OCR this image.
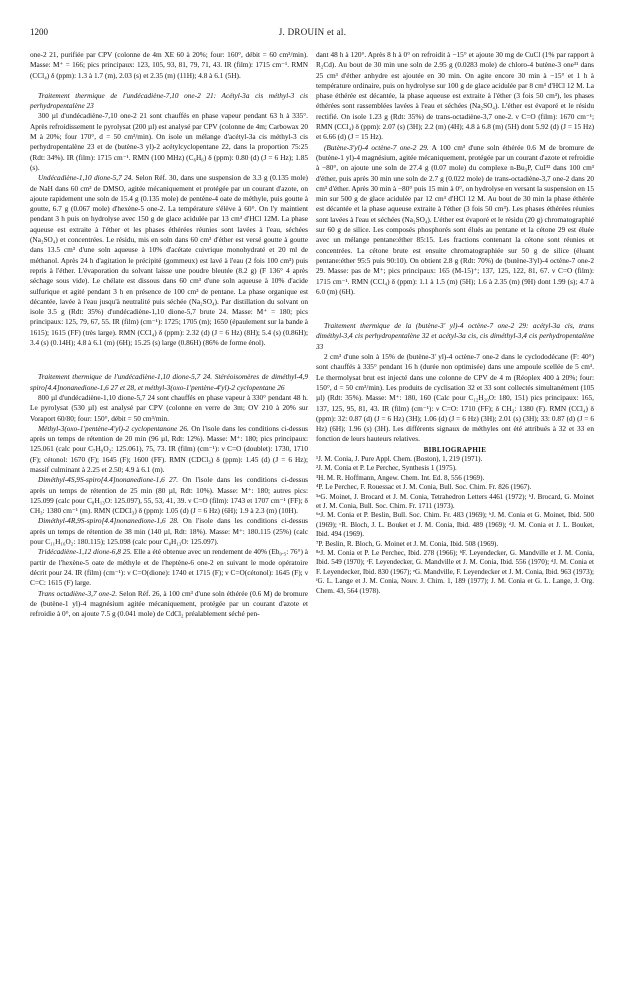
1200	J. DROUIN et al.

one-2 21, purifiée par CPV (colonne de 4m XE 60 à 20%; four: 160°, débit = 60 cm³/min). Masse: M⁺ = 166; pics principaux: 123, 105, 93, 81, 79, 71, 43. IR (film): 1715 cm⁻¹. RMN (CCl₄) δ (ppm): 1.3 à 1.7 (m), 2.03 (s) et 2.35 (m) (11H); 4.8 à 6.1 (5H).

Traitement thermique de l'undécadiène-7,10 one-2 21: Acétyl-3a cis méthyl-3 cis perhydropentalène 23

300 µl d'undécadiène-7,10 one-2 21 sont chauffés en phase vapeur pendant 63 h à 335°. Après refroidissement le pyrolysat (200 µl) est analysé par CPV (colonne de 4m; Carbowax 20 M à 20%; four 170°, d = 50 cm³/min). On isole un mélange d'acétyl-3a cis méthyl-3 cis perhydropentalène 23 et de (butène-3 yl)-2 acétylcyclopentane 22, dans la proportion 75:25 (Rdt: 34%). IR (film): 1715 cm⁻¹. RMN (100 MHz) (C₆H₆) δ (ppm): 0.80 (d) (J = 6 Hz); 1.85 (s).

Undécadiène-1,10 dione-5,7 24. Selon Réf. 30, dans une suspension de 3.3 g (0.135 mole) de NaH dans 60 cm³ de DMSO, agitée mécaniquement et protégée par un courant d'azote, on ajoute rapidement une soln de 15.4 g (0.135 mole) de pentène-4 oate de méthyle, puis goutte à goutte, 6.7 g (0.067 mole) d'hexène-5 one-2. La température s'élève à 60°. On l'y maintient pendant 3 h puis on hydrolyse avec 150 g de glace acidulée par 13 cm³ d'HCl 12M. La phase aqueuse est extraite à l'éther et les phases éthérées réunies sont lavées à l'eau, séchées (Na₂SO₄) et concentrées. Le résidu, mis en soln dans 60 cm³ d'éther est versé goutte à goutte dans 13.5 cm³ d'une soln aqueuse à 10% d'acétate cuivrique monohydraté et 20 ml de méthanol. Après 24 h d'agitation le précipité (gommeux) est lavé à l'eau (2 fois 100 cm³) puis repris à l'éther. L'évaporation du solvant laisse une poudre bleutée (8.2 g) (F 136° 4 après séchage sous vide). Le chélate est dissous dans 60 cm³ d'une soln aqueuse à 10% d'acide sulfurique et agité pendant 3 h en présence de 100 cm³ de pentane. La phase organique est décantée, lavée à l'eau jusqu'à neutralité puis séchée (Na₂SO₄). Par distillation du solvant on isole 3.5 g (Rdt: 35%) d'undécadiène-1,10 dione-5,7 brute 24. Masse: M⁺ = 180; pics principaux: 125, 79, 67, 55. IR (film) (cm⁻¹): 1725; 1705 (m); 1650 (épaulement sur la bande à 1615); 1615 (FF) (très large). RMN (CCl₄) δ (ppm): 2.32 (d) (J = 6 Hz) (8H); 5.4 (s) (0.86H); 3.4 (s) (0.14H); 4.8 à 6.1 (m) (6H); 15.25 (s) large (0.86H) (86% de forme énol).

Traitement thermique de l'undécadiène-1,10 dione-5,7 24. Stéréoisomères de diméthyl-4,9 spiro[4.4]nonanedione-1,6 27 et 28, et méthyl-3(oxo-1'pentène-4'yl)-2 cyclopentane 26

800 µl d'undécadiène-1,10 dione-5,7 24 sont chauffés en phase vapeur à 330° pendant 48 h. Le pyrolysat (530 µl) est analysé par CPV (colonne en verre de 3m; OV 210 à 20% sur Voraport 60/80; four: 150°, débit = 50 cm³/min.

Méthyl-3(oxo-1'pentène-4'yl)-2 cyclopentanone 26. On l'isole dans les conditions ci-dessus après un temps de rétention de 20 min (96 µl, Rdt: 12%). Masse: M⁺: 180; pics principaux: 125.061 (calc pour C₇H₉O₂: 125.061), 75, 73. IR (film) (cm⁻¹): ν C=O (doublet): 1730, 1710 (F); cétonol: 1670 (F); 1645 (F); 1600 (FF). RMN (CDCl₃) δ (ppm): 1.45 (d) (J = 6 Hz); massif culminant à 2.25 et 2.50; 4.9 à 6.1 (m).

Diméthyl-4S,9S-spiro[4.4]nonanedione-1,6 27. On l'isole dans les conditions ci-dessus après un temps de rétention de 25 min (80 µl, Rdt: 10%). Masse: M⁺: 180; autres pics: 125.099 (calc pour C₈H₁₃O: 125.097), 55, 53, 41, 39. ν C=O (film): 1743 et 1707 cm⁻¹ (FF); δ CH₃: 1380 cm⁻¹ (m). RMN (CDCl₃) δ (ppm): 1.05 (d) (J = 6 Hz) (6H); 1.9 à 2.3 (m) (10H).

Diméthyl-4R,9S-spiro[4.4]nonanedione-1,6 28. On l'isole dans les conditions ci-dessus après un temps de rétention de 38 min (140 µl, Rdt: 18%). Masse: M⁺: 180.115 (25%) (calc pour C₁₁H₁₆O₂: 180.115); 125.098 (calc pour C₈H₁₃O: 125.097).

Tridécadiène-1,12 dione-6,8 25. Elle a été obtenue avec un rendement de 40% (Eb₀.₅: 76°) à partir de l'hexène-5 oate de méthyle et de l'heptène-6 one-2 en suivant le mode opératoire décrit pour 24. IR (film) (cm⁻¹): ν C=O(dione): 1740 et 1715 (F); ν C=O(cétonol): 1645 (F); ν C=C: 1615 (F) large.

Trans octadiène-3,7 one-2. Selon Réf. 26, à 100 cm³ d'une soln éthérée (0.6 M) de bromure de (butène-1 yl)-4 magnésium agitée mécaniquement, protégée par un courant d'azote et refroidie à 0°, on ajoute 7.5 g (0.041 mole) de CdCl₂ préalablement séché pen-

dant 48 h à 120°. Après 8 h à 0° on refroidit à −15° et ajoute 30 mg de CuCl (1% par rapport à R₂Cd). Au bout de 30 min une soln de 2.95 g (0.0283 mole) de chloro-4 butène-3 one³¹ dans 25 cm³ d'éther anhydre est ajoutée en 30 min. On agite encore 30 min à −15° et 1 h à température ordinaire, puis on hydrolyse sur 100 g de glace acidulée par 8 cm³ d'HCl 12 M. La phase éthérée est décantée, la phase aqueuse est extraite à l'éther (3 fois 50 cm³), les phases éthérées sont rassemblées lavées à l'eau et séchées (Na₂SO₄). L'éther est évaporé et le résidu rectifié. On isole 1.23 g (Rdt: 35%) de trans-octadiène-3,7 one-2. ν C=O (film): 1670 cm⁻¹; RMN (CCl₄) δ (ppm): 2.07 (s) (3H); 2.2 (m) (4H); 4.8 à 6.8 (m) (5H) dont 5.92 (d) (J = 15 Hz) et 6.66 (d) (J = 15 Hz).

(Butène-3'yl)-4 octène-7 one-2 29. A 100 cm³ d'une soln éthérée 0.6 M de bromure de (butène-1 yl)-4 magnésium, agitée mécaniquement, protégée par un courant d'azote et refroidie à −80°, on ajoute une soln de 27.4 g (0.07 mole) du complexe n-Bu₃P, CuI³² dans 100 cm³ d'éther, puis après 30 min une soln de 2.7 g (0.022 mole) de trans-octadiène-3,7 one-2 dans 20 cm³ d'éther. Après 30 min à −80° puis 15 min à 0°, on hydrolyse en versant la suspension en 15 min sur 500 g de glace acidulée par 12 cm³ d'HCl 12 M. Au bout de 30 min la phase éthérée est décantée et la phase aqueuse extraite à l'éther (3 fois 50 cm³). Les phases éthérées réunies sont lavées à l'eau et séchées (Na₂SO₄). L'éther est évaporé et le résidu (20 g) chromatographié sur 60 g de silice. Les composés phosphorés sont élués au pentane et la cétone 29 est éluée avec un mélange pentane:éther 85:15. Les fractions contenant la cétone sont réunies et concentrées. La cétone brute est ensuite chromatographiée sur 50 g de silice (éluant pentane:éther 95:5 puis 90:10). On obtient 2.8 g (Rdt: 70%) de (butène-3'yl)-4 octène-7 one-2 29. Masse: pas de M⁺; pics principaux: 165 (M-15)⁺; 137, 125, 122, 81, 67. ν C=O (film): 1715 cm⁻¹. RMN (CCl₄) δ (ppm): 1.1 à 1.5 (m) (5H); 1.6 à 2.35 (m) (9H) dont 1.99 (s); 4.7 à 6.0 (m) (6H).

Traitement thermique de la (butène-3' yl)-4 octène-7 one-2 29: acétyl-3a cis, trans diméthyl-3,4 cis perhydropentalène 32 et acétyl-3a cis, cis diméthyl-3,4 cis perhydropentalène 33

2 cm³ d'une soln à 15% de (butène-3' yl)-4 octène-7 one-2 dans le cyclododécane (F: 40°) sont chauffés à 335° pendant 16 h (durée non optimisée) dans une ampoule scellée de 5 cm³. Le thermolysat brut est injecté dans une colonne de CPV de 4 m (Réoplex 400 à 20%; four: 150°, d = 50 cm³/min). Les produits de cyclisation 32 et 33 sont collectés simultanément (105 µl) (Rdt: 35%). Masse: M⁺: 180, 160 (Calc pour C₁₂H₂₀O: 180, 151) pics principaux: 165, 137, 125, 95, 81, 43. IR (film) (cm⁻¹): ν C=O: 1710 (FF); δ CH₃: 1380 (F). RMN (CCl₄) δ (ppm): 32: 0.87 (d) (J = 6 Hz) (3H); 1.06 (d) (J = 6 Hz) (3H); 2.01 (s) (3H); 33: 0.87 (d) (J = 6 Hz) (6H); 1.96 (s) (3H). Les différents signaux de méthyles ont été attribués à 32 et 33 en fonction de leurs hauteurs relatives.

BIBLIOGRAPHIE

¹J. M. Conia, J. Pure Appl. Chem. (Boston), 1, 219 (1971).

²J. M. Conia et P. Le Perchec, Synthesis 1 (1975).

³H. M. R. Hoffmann, Angew. Chem. Int. Ed. 8, 556 (1969).

⁴P. Le Perchec, F. Rouessac et J. M. Conia, Bull. Soc. Chim. Fr. 826 (1967).

⁵ᵃG. Moinet, J. Brocard et J. M. Conia, Tetrahedron Letters 4461 (1972); ᵇJ. Brocard, G. Moinet et J. M. Conia, Bull. Soc. Chim. Fr. 1711 (1973).

⁶ᵃJ. M. Conia et P. Beslin, Bull. Soc. Chim. Fr. 483 (1969); ᵇJ. M. Conia et G. Moinet, Ibid. 500 (1969); ᶜR. Bloch, J. L. Bouket et J. M. Conia, Ibid. 489 (1969); ᵈJ. M. Conia et J. L. Bouket, Ibid. 494 (1969).

⁷P. Beslin, R. Bloch, G. Moinet et J. M. Conia, Ibid. 508 (1969).

⁸ᵃJ. M. Conia et P. Le Perchec, Ibid. 278 (1966); ᵇF. Leyendecker, G. Mandville et J. M. Conia, Ibid. 549 (1970); ᶜF. Leyendecker, G. Mandville et J. M. Conia, Ibid. 556 (1970); ᵈJ. M. Conia et F. Leyendecker, Ibid. 830 (1967); ᵉG. Mandville, F. Leyendecker et J. M. Conia, Ibid. 963 (1973); ᶠG. L. Lange et J. M. Conia, Nouv. J. Chim. 1, 189 (1977); J. M. Conia et G. L. Lange, J. Org. Chem. 43, 564 (1978).
